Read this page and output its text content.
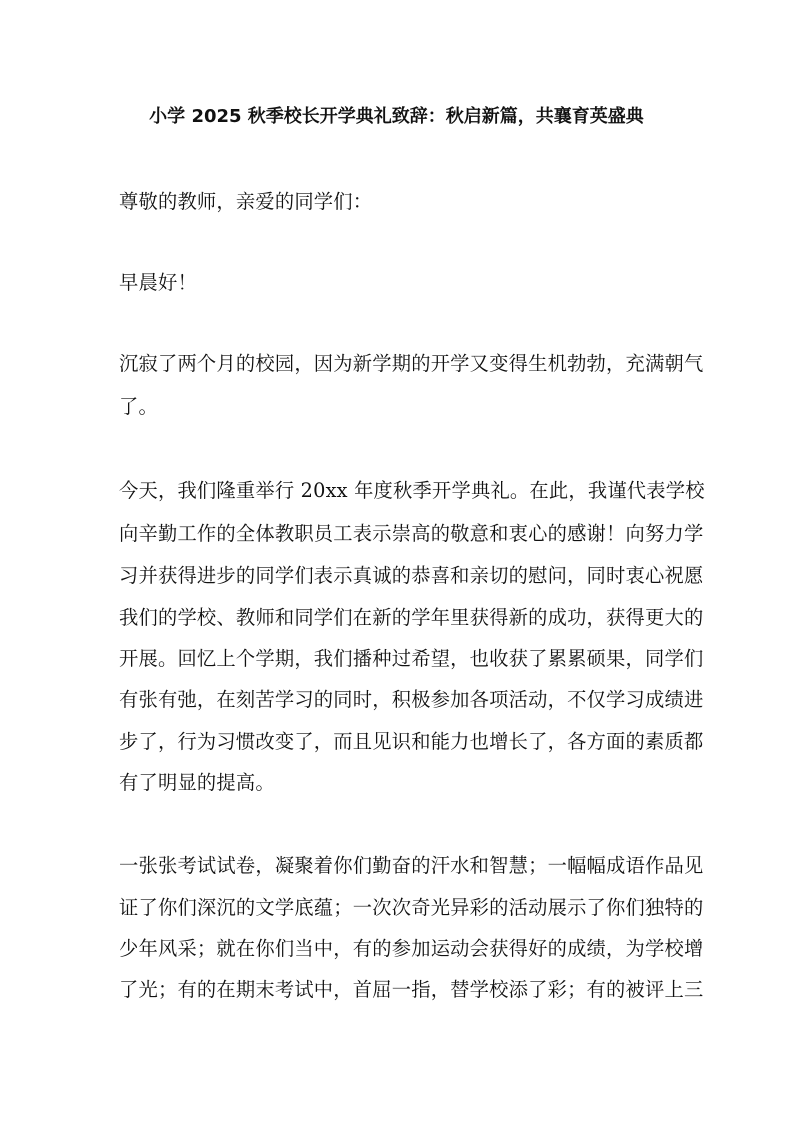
小学 2025 秋季校长开学典礼致辞：秋启新篇，共襄育英盛典
尊敬的教师，亲爱的同学们：
早晨好！
沉寂了两个月的校园，因为新学期的开学又变得生机勃勃，充满朝气
了。
今天，我们隆重举行 20xx 年度秋季开学典礼。在此，我谨代表学校
向辛勤工作的全体教职员工表示崇高的敬意和衷心的感谢！向努力学
习并获得进步的同学们表示真诚的恭喜和亲切的慰问，同时衷心祝愿
我们的学校、教师和同学们在新的学年里获得新的成功，获得更大的
开展。回忆上个学期，我们播种过希望，也收获了累累硕果，同学们
有张有弛，在刻苦学习的同时，积极参加各项活动，不仅学习成绩进
步了，行为习惯改变了，而且见识和能力也增长了，各方面的素质都
有了明显的提高。
一张张考试试卷，凝聚着你们勤奋的汗水和智慧；一幅幅成语作品见
证了你们深沉的文学底蕴；一次次奇光异彩的活动展示了你们独特的
少年风采；就在你们当中，有的参加运动会获得好的成绩，为学校增
了光；有的在期末考试中，首屈一指，替学校添了彩；有的被评上三
